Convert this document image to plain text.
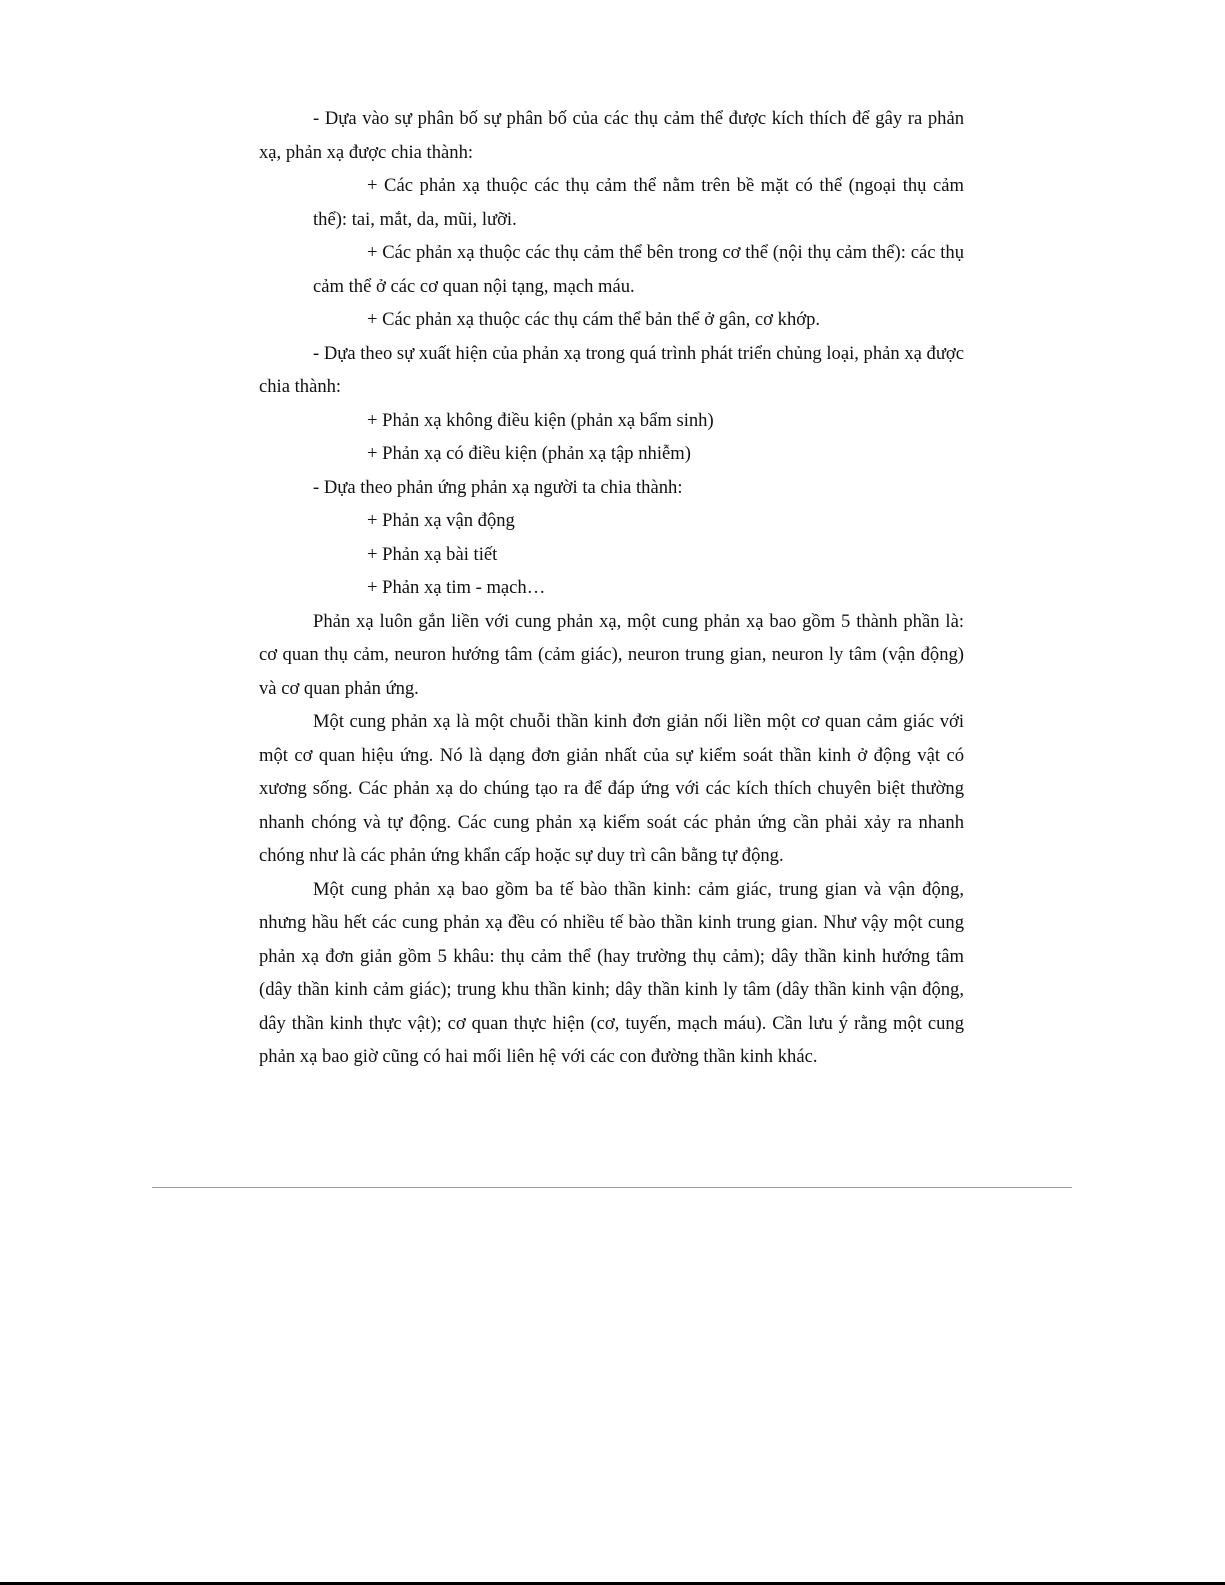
- Dựa vào sự phân bố sự phân bố của các thụ cảm thể được kích thích để gây ra phản xạ, phản xạ được chia thành:

+ Các phản xạ thuộc các thụ cảm thể nằm trên bề mặt có thể (ngoại thụ cảm thể): tai, mắt, da, mũi, lưỡi.

+ Các phản xạ thuộc các thụ cảm thể bên trong cơ thể (nội thụ cảm thể): các thụ cảm thể ở các cơ quan nội tạng, mạch máu.

+ Các phản xạ thuộc các thụ cám thể bản thể ở gân, cơ khớp.

- Dựa theo sự xuất hiện của phản xạ trong quá trình phát triển chủng loại, phản xạ được chia thành:

+ Phản xạ không điều kiện (phản xạ bẩm sinh)

+ Phản xạ có điều kiện (phản xạ tập nhiễm)

- Dựa theo phản ứng phản xạ người ta chia thành:

+ Phản xạ vận động

+ Phản xạ bài tiết

+ Phản xạ tim - mạch…

Phản xạ luôn gắn liền với cung phản xạ, một cung phản xạ bao gồm 5 thành phần là: cơ quan thụ cảm, neuron hướng tâm (cảm giác), neuron trung gian, neuron ly tâm (vận động) và cơ quan phản ứng.

Một cung phản xạ là một chuỗi thần kinh đơn giản nối liền một cơ quan cảm giác với một cơ quan hiệu ứng. Nó là dạng đơn giản nhất của sự kiểm soát thần kinh ở động vật có xương sống. Các phản xạ do chúng tạo ra để đáp ứng với các kích thích chuyên biệt thường nhanh chóng và tự động. Các cung phản xạ kiểm soát các phản ứng cần phải xảy ra nhanh chóng như là các phản ứng khẩn cấp hoặc sự duy trì cân bằng tự động.

Một cung phản xạ bao gồm ba tế bào thần kinh: cảm giác, trung gian và vận động, nhưng hầu hết các cung phản xạ đều có nhiều tế bào thần kinh trung gian. Như vậy một cung phản xạ đơn giản gồm 5 khâu: thụ cảm thể (hay trường thụ cảm); dây thần kinh hướng tâm (dây thần kinh cảm giác); trung khu thần kinh; dây thần kinh ly tâm (dây thần kinh vận động, dây thần kinh thực vật); cơ quan thực hiện (cơ, tuyến, mạch máu). Cần lưu ý rằng một cung phản xạ bao giờ cũng có hai mối liên hệ với các con đường thần kinh khác.
